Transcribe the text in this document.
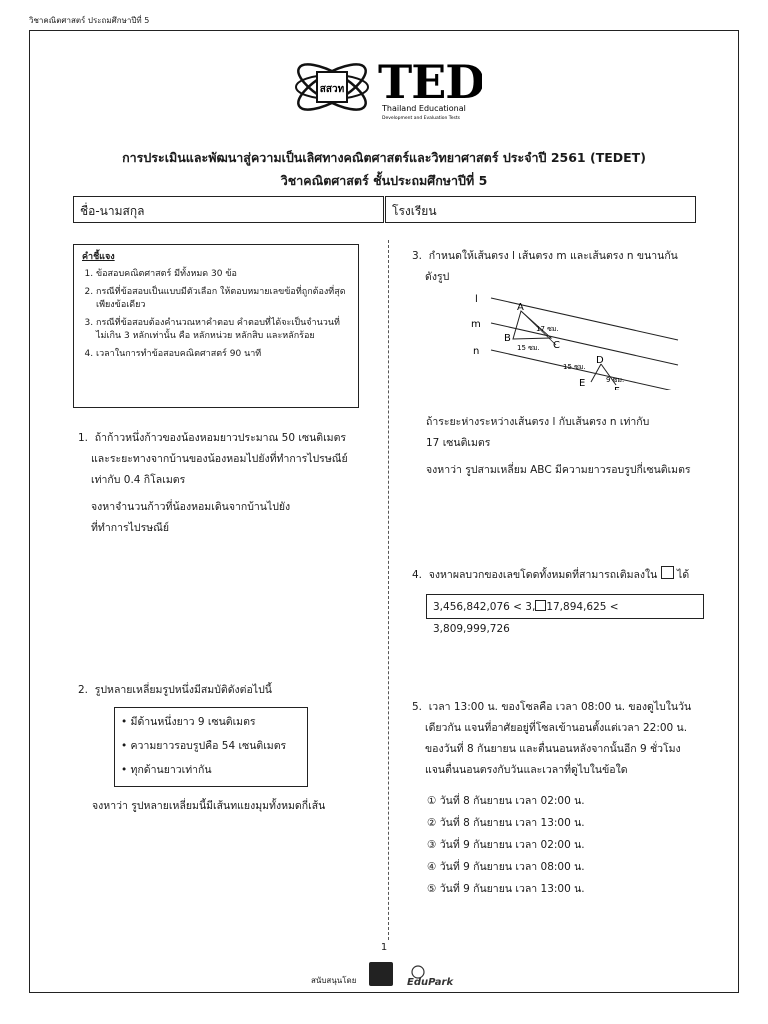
วิชาคณิตศาสตร์ ประถมศึกษาปีที่ 5
สสวท TED
Thailand Educational
Development and Evaluation Tests
การประเมินและพัฒนาสู่ความเป็นเลิศทางคณิตศาสตร์และวิทยาศาสตร์ ประจำปี 2561 (TEDET)
วิชาคณิตศาสตร์ ชั้นประถมศึกษาปีที่ 5
ชื่อ-นามสกุล	โรงเรียน
คำชี้แจง
1. ข้อสอบคณิตศาสตร์ มีทั้งหมด 30 ข้อ
2. กรณีที่ข้อสอบเป็นแบบมีตัวเลือก ให้ตอบหมายเลขข้อที่ถูกต้องที่สุดเพียงข้อเดียว
3. กรณีที่ข้อสอบต้องคำนวณหาคำตอบ คำตอบที่ได้จะเป็นจำนวนที่ไม่เกิน 3 หลักเท่านั้น คือ หลักหน่วย หลักสิบ และหลักร้อย
4. เวลาในการทำข้อสอบคณิตศาสตร์ 90 นาที
1. ถ้าก้าวหนึ่งก้าวของน้องหอมยาวประมาณ 50 เซนติเมตร
และระยะทางจากบ้านของน้องหอมไปยังที่ทำการไปรษณีย์
เท่ากับ 0.4 กิโลเมตร
จงหาจำนวนก้าวที่น้องหอมเดินจากบ้านไปยัง
ที่ทำการไปรษณีย์
2. รูปหลายเหลี่ยมรูปหนึ่งมีสมบัติดังต่อไปนี้
• มีด้านหนึ่งยาว 9 เซนติเมตร
• ความยาวรอบรูปคือ 54 เซนติเมตร
• ทุกด้านยาวเท่ากัน
จงหาว่า รูปหลายเหลี่ยมนี้มีเส้นทแยงมุมทั้งหมดกี่เส้น
3. กำหนดให้เส้นตรง l เส้นตรง m และเส้นตรง n ขนานกัน
ดังรูป
l
m
n
A
B
C
D
E
17 ซม.
15 ซม.
15 ซม.
9 ซม.
ถ้าระยะห่างระหว่างเส้นตรง l กับเส้นตรง n เท่ากับ
17 เซนติเมตร
จงหาว่า รูปสามเหลี่ยม ABC มีความยาวรอบรูปกี่เซนติเมตร
4. จงหาผลบวกของเลขโดดทั้งหมดที่สามารถเติมลงใน ได้
3,456,842,076 < 3, 17,894,625 < 3,809,999,726
5. เวลา 13:00 น. ของโซลคือ เวลา 08:00 น. ของดูไบในวัน
เดียวกัน แจนที่อาศัยอยู่ที่โซลเข้านอนตั้งแต่เวลา 22:00 น.
ของวันที่ 8 กันยายน และตื่นนอนหลังจากนั้นอีก 9 ชั่วโมง
แจนตื่นนอนตรงกับวันและเวลาที่ดูไบในข้อใด
① วันที่ 8 กันยายน เวลา 02:00 น.
② วันที่ 8 กันยายน เวลา 13:00 น.
③ วันที่ 9 กันยายน เวลา 02:00 น.
④ วันที่ 9 กันยายน เวลา 08:00 น.
⑤ วันที่ 9 กันยายน เวลา 13:00 น.
1
สนับสนุนโดย	EduPark
